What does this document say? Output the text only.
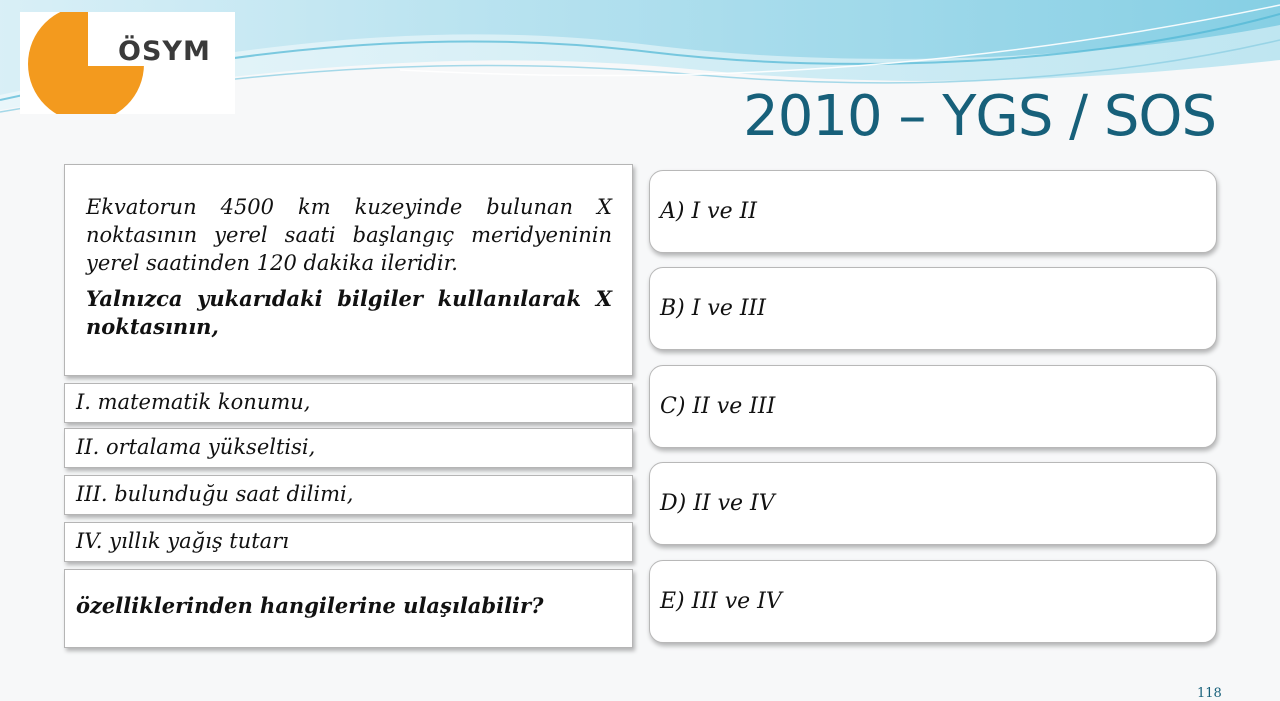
ÖSYM
2010 – YGS / SOS

Ekvatorun 4500 km kuzeyinde bulunan X noktasının yerel saati başlangıç meridyeninin yerel saatinden 120 dakika ileridir.

Yalnızca yukarıdaki bilgiler kullanılarak X noktasının,

I. matematik konumu,
II. ortalama yükseltisi,
III. bulunduğu saat dilimi,
IV. yıllık yağış tutarı
özelliklerinden hangilerine ulaşılabilir?
A) I ve II
B) I ve III
C) II ve III
D) II ve IV
E) III ve IV
118
